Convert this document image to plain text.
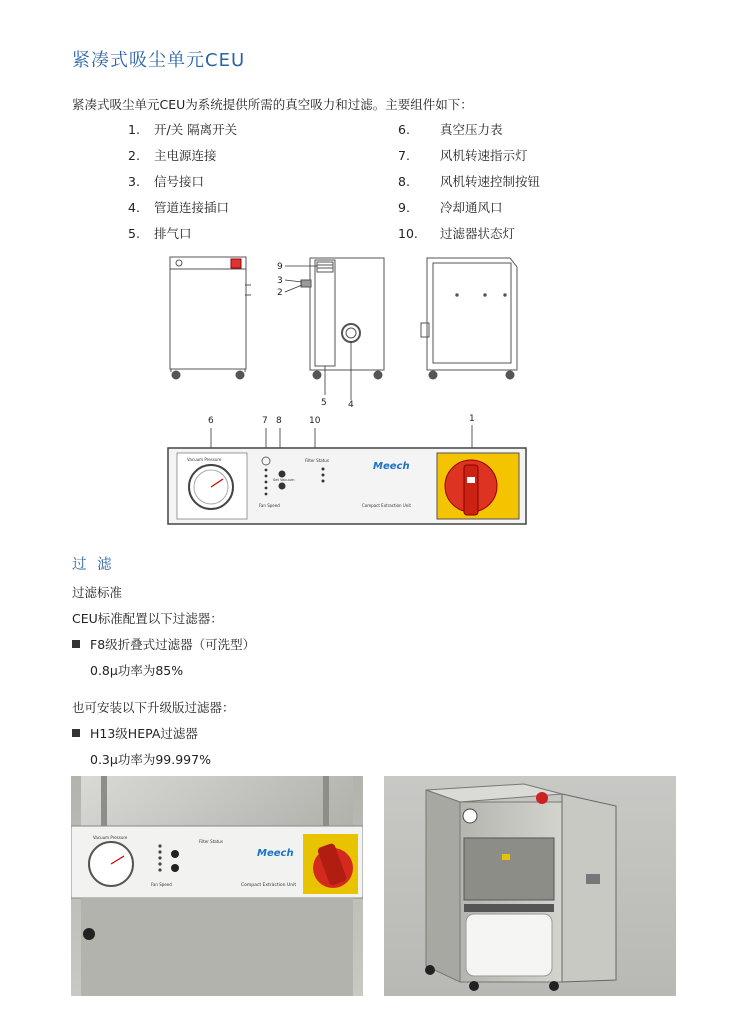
紧凑式吸尘单元CEU
紧凑式吸尘单元CEU为系统提供所需的真空吸力和过滤。主要组件如下：
1. 开/关 隔离开关
2. 主电源连接
3. 信号接口
4. 管道连接插口
5. 排气口
6. 真空压力表
7. 风机转速指示灯
8. 风机转速控制按钮
9. 冷却通风口
10. 过滤器状态灯
9
3
2
5 4
6	7 8	10	1
Vacuum Pressure
Fan Speed
Set Vacuum
Filter Status
Meech
Compact Extraction Unit
过 滤
过滤标准
CEU标准配置以下过滤器：
F8级折叠式过滤器（可洗型）
0.8μ功率为85%
也可安装以下升级版过滤器：
H13级HEPA过滤器
0.3μ功率为99.997%
Vacuum Pressure
Fan Speed
Filter Status
Meech
Compact Extraction Unit
